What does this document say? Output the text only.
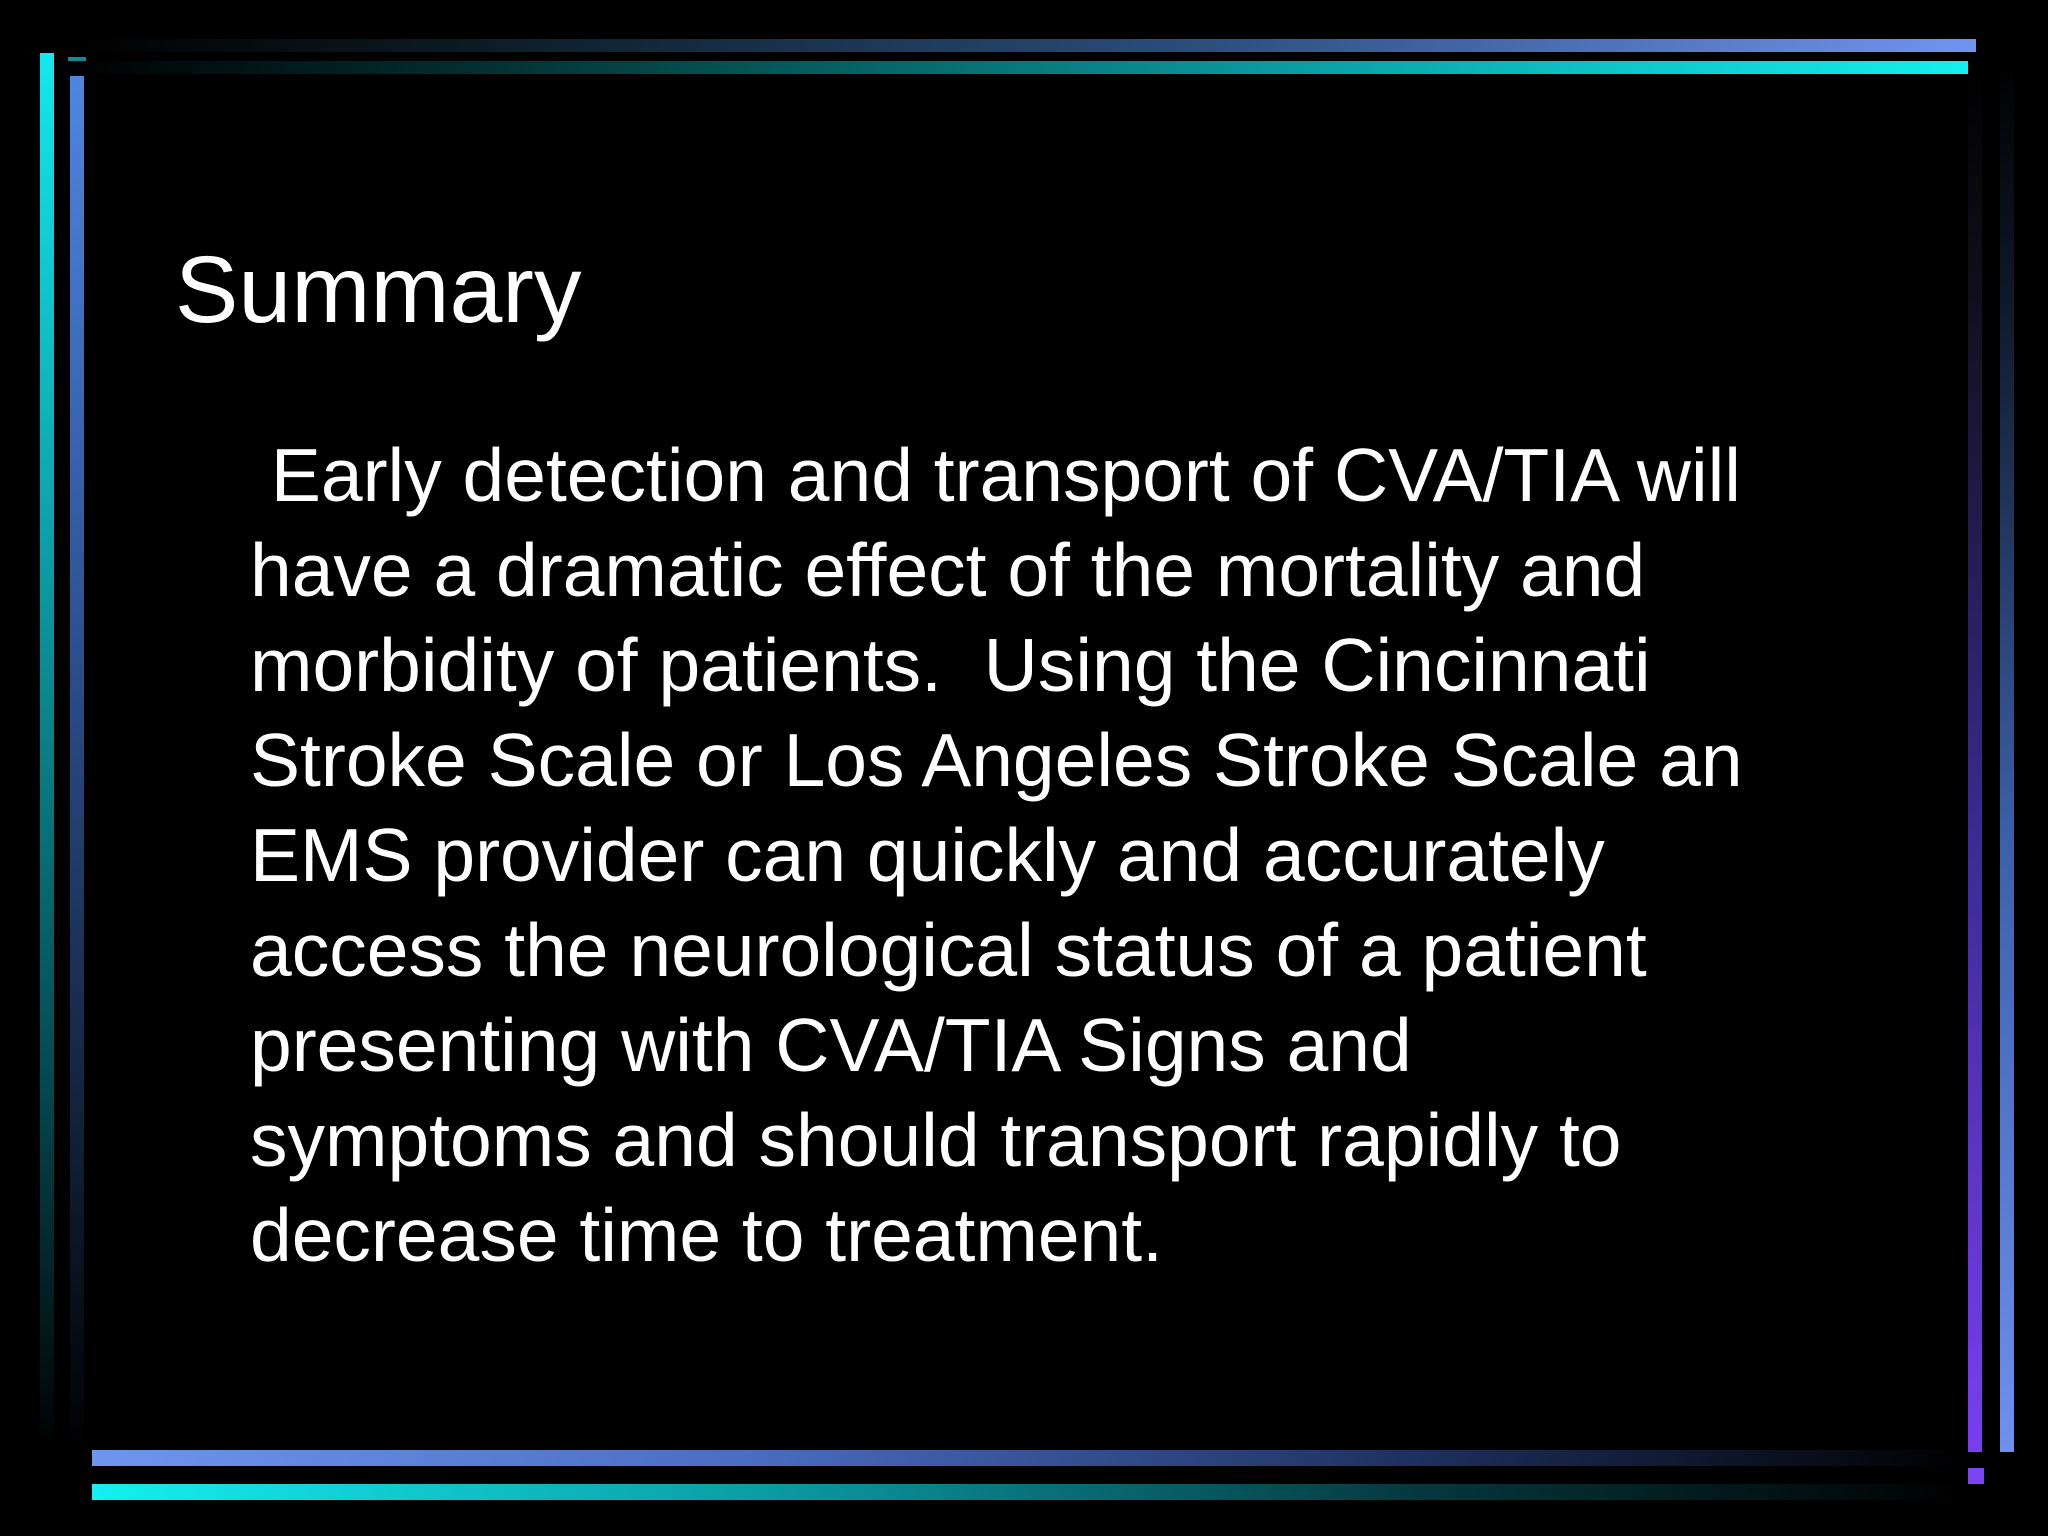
Summary
Early detection and transport of CVA/TIA will
have a dramatic effect of the mortality and
morbidity of patients.  Using the Cincinnati
Stroke Scale or Los Angeles Stroke Scale an
EMS provider can quickly and accurately
access the neurological status of a patient
presenting with CVA/TIA Signs and
symptoms and should transport rapidly to
decrease time to treatment.
